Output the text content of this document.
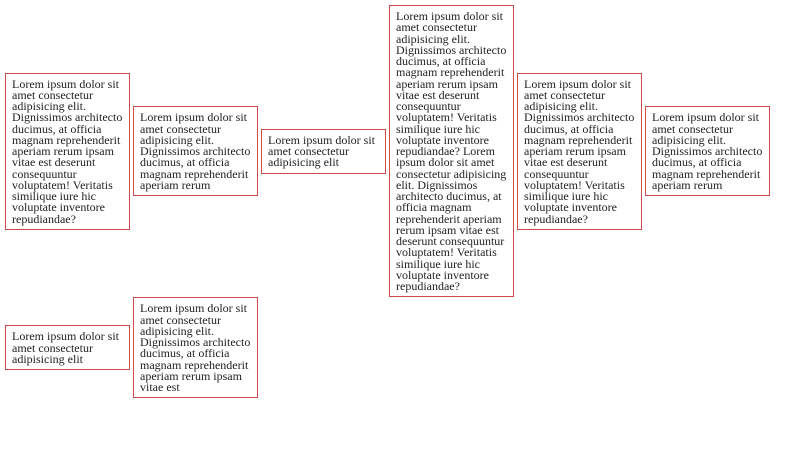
Lorem ipsum dolor sit amet consectetur adipisicing elit. Dignissimos architecto ducimus, at officia magnam reprehenderit aperiam rerum ipsam vitae est deserunt consequuntur voluptatem! Veritatis similique iure hic voluptate inventore repudiandae?Lorem ipsum dolor sit amet consectetur adipisicing elit. Dignissimos architecto ducimus, at officia magnam reprehenderit aperiam rerumLorem ipsum dolor sit amet consectetur adipisicing elitLorem ipsum dolor sit amet consectetur adipisicing elit. Dignissimos architecto ducimus, at officia magnam reprehenderit aperiam rerum ipsam vitae est deserunt consequuntur voluptatem! Veritatis similique iure hic voluptate inventore repudiandae? Lorem ipsum dolor sit amet consectetur adipisicing elit. Dignissimos architecto ducimus, at officia magnam reprehenderit aperiam rerum ipsam vitae est deserunt consequuntur voluptatem! Veritatis similique iure hic voluptate inventore repudiandae?Lorem ipsum dolor sit amet consectetur adipisicing elit. Dignissimos architecto ducimus, at officia magnam reprehenderit aperiam rerum ipsam vitae est deserunt consequuntur voluptatem! Veritatis similique iure hic voluptate inventore repudiandae?Lorem ipsum dolor sit amet consectetur adipisicing elit. Dignissimos architecto ducimus, at officia magnam reprehenderit aperiam rerum
Lorem ipsum dolor sit amet consectetur adipisicing elitLorem ipsum dolor sit amet consectetur adipisicing elit. Dignissimos architecto ducimus, at officia magnam reprehenderit aperiam rerum ipsam vitae est
